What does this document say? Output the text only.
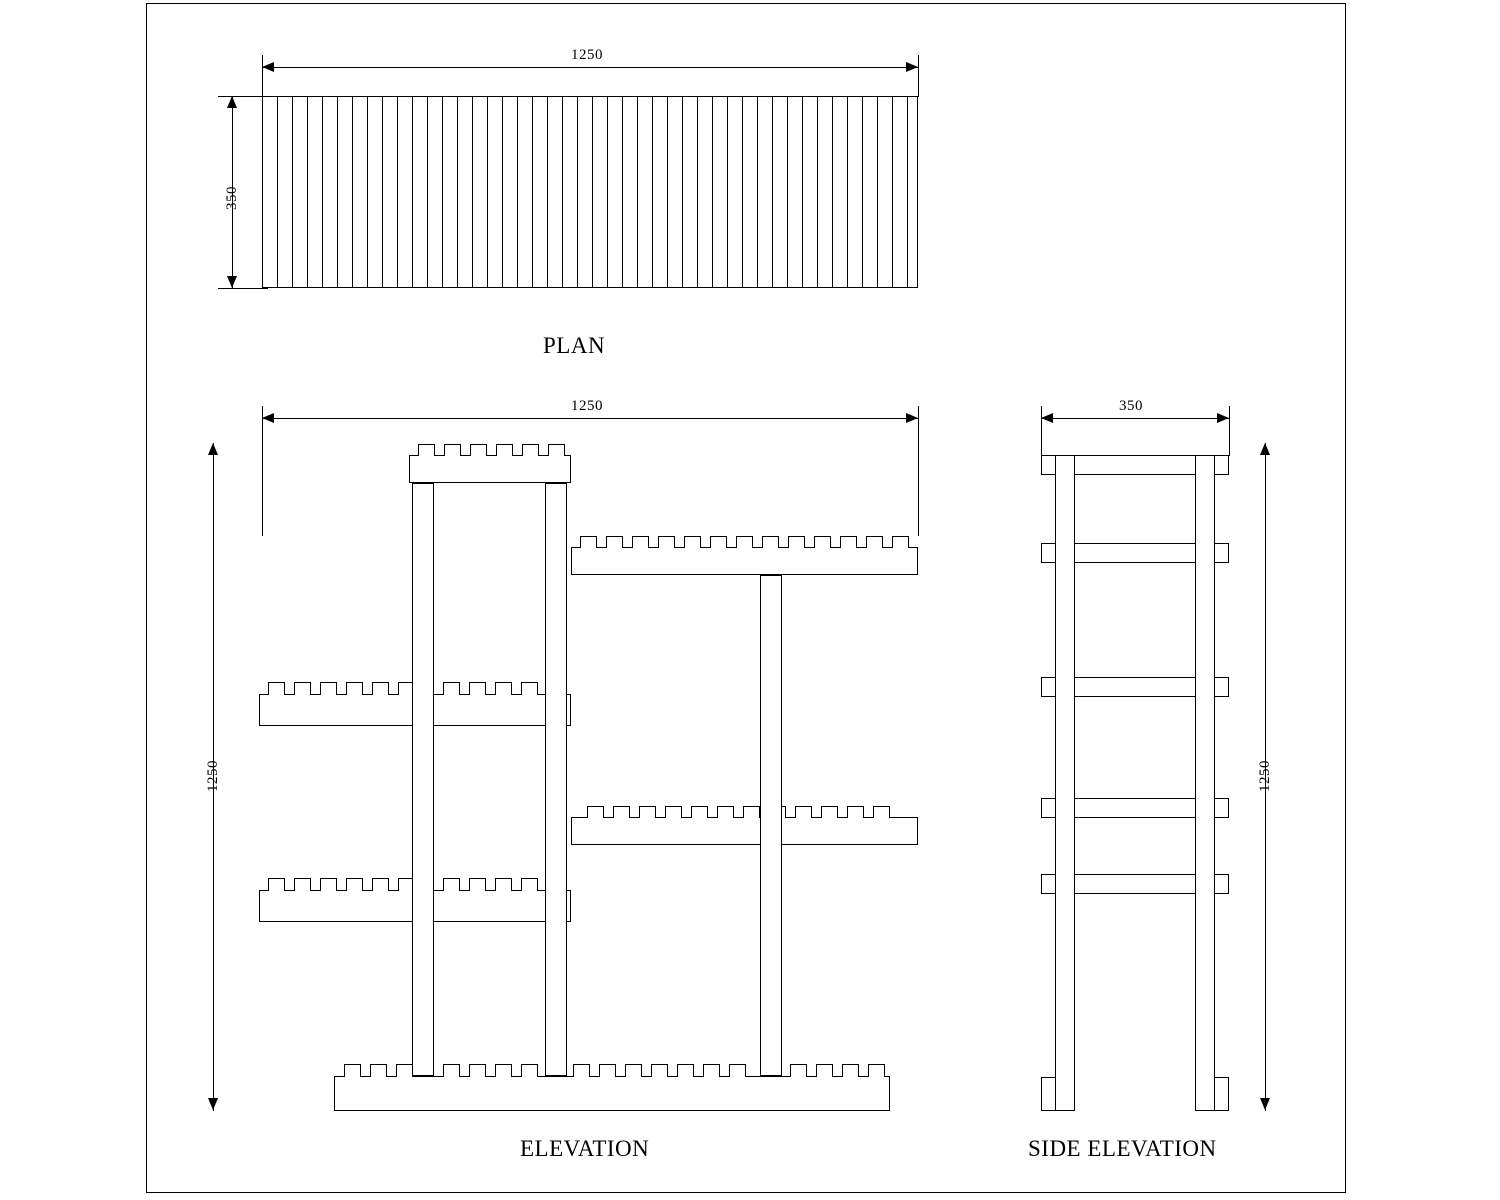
1250
350
PLAN
1250
1250
ELEVATION
350
1250
SIDE ELEVATION
